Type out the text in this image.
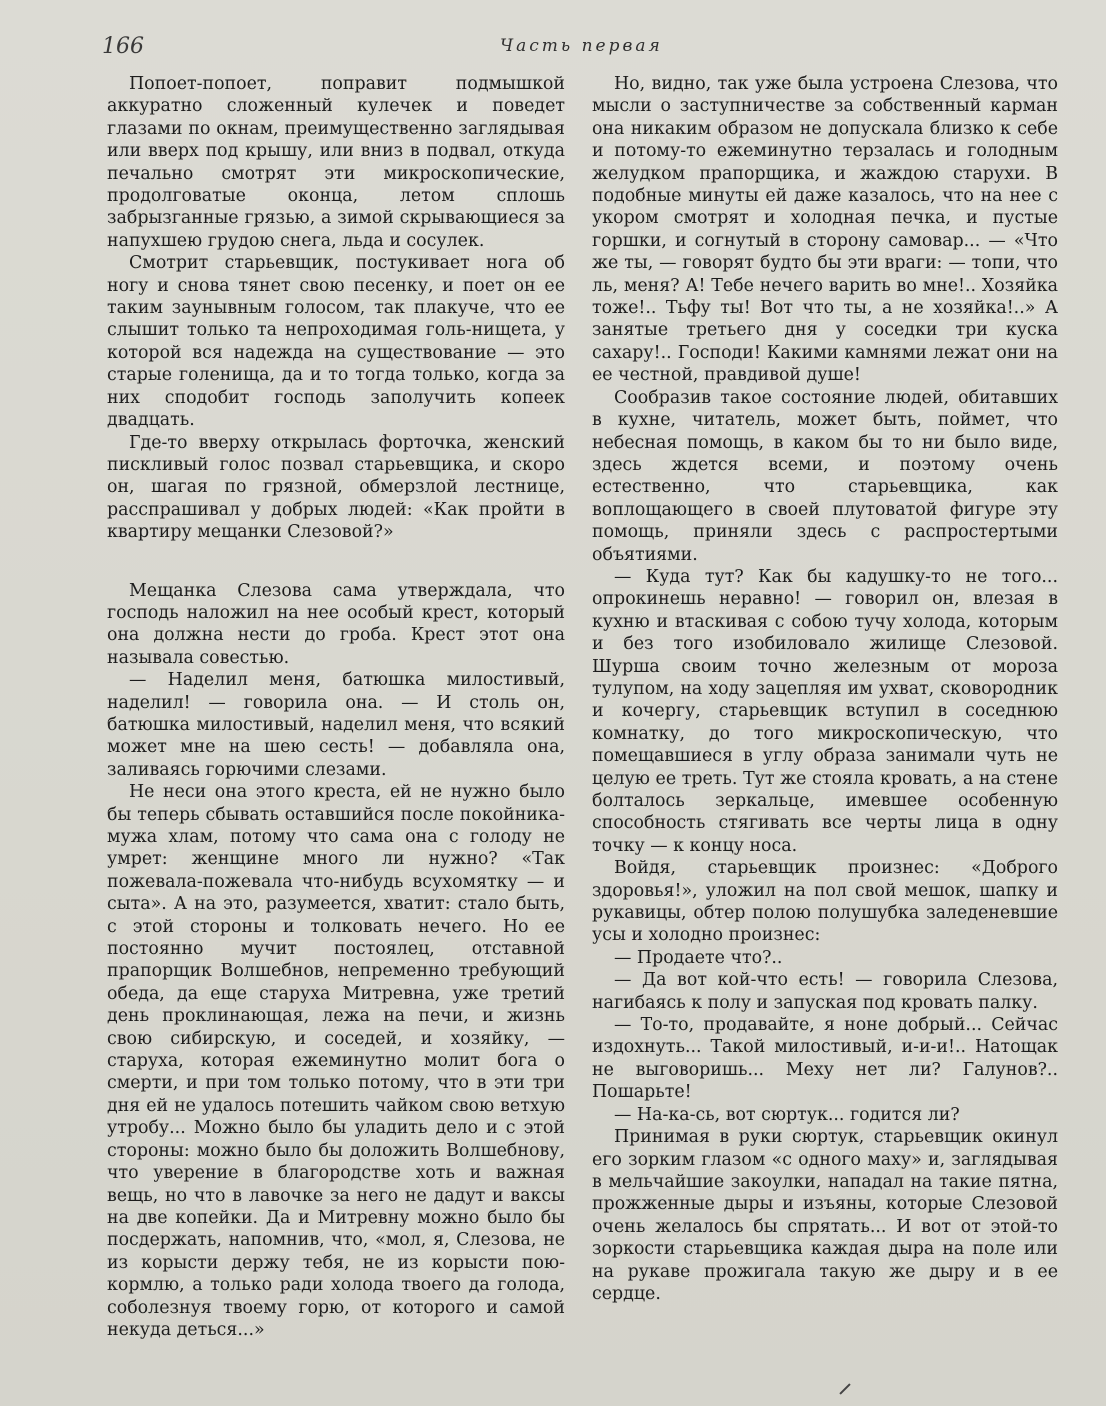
166	Часть первая

Попоет-попоет, поправит подмышкой аккуратно сложенный кулечек и поведет глазами по окнам, преимущественно заглядывая или вверх под крышу, или вниз в подвал, откуда печально смотрят эти микроскопические, продолговатые оконца, летом сплошь забрызганные грязью, а зимой скрывающиеся за напухшею грудою снега, льда и сосулек.

Смотрит старьевщик, постукивает нога об ногу и снова тянет свою песенку, и поет он ее таким заунывным голосом, так плакуче, что ее слышит только та непроходимая голь-нищета, у которой вся надежда на существование — это старые голенища, да и то тогда только, когда за них сподобит господь заполучить копеек двадцать.

Где-то вверху открылась форточка, женский пискливый голос позвал старьевщика, и скоро он, шагая по грязной, обмерзлой лестнице, расспрашивал у добрых людей: «Как пройти в квартиру мещанки Слезовой?»

Мещанка Слезова сама утверждала, что господь наложил на нее особый крест, который она должна нести до гроба. Крест этот она называла совестью.

— Наделил меня, батюшка милостивый, наделил! — говорила она. — И столь он, батюшка милостивый, наделил меня, что всякий может мне на шею сесть! — добавляла она, заливаясь горючими слезами.

Не неси она этого креста, ей не нужно было бы теперь сбывать оставшийся после покойника-мужа хлам, потому что сама она с голоду не умрет: женщине много ли нужно? «Так пожевала-пожевала что-нибудь всухомятку — и сыта». А на это, разумеется, хватит: стало быть, с этой стороны и толковать нечего. Но ее постоянно мучит постоялец, отставной прапорщик Волшебнов, непременно требующий обеда, да еще старуха Митревна, уже третий день проклинающая, лежа на печи, и жизнь свою сибирскую, и соседей, и хозяйку, — старуха, которая ежеминутно молит бога о смерти, и при том только потому, что в эти три дня ей не удалось потешить чайком свою ветхую утробу... Можно было бы уладить дело и с этой стороны: можно было бы доложить Волшебнову, что уверение в благородстве хоть и важная вещь, но что в лавочке за него не дадут и ваксы на две копейки. Да и Митревну можно было бы посдержать, напомнив, что, «мол, я, Слезова, не из корысти держу тебя, не из корысти пою-кормлю, а только ради холода твоего да голода, соболезнуя твоему горю, от которого и самой некуда деться...»

Но, видно, так уже была устроена Слезова, что мысли о заступничестве за собственный карман она никаким образом не допускала близко к себе и потому-то ежеминутно терзалась и голодным желудком прапорщика, и жаждою старухи. В подобные минуты ей даже казалось, что на нее с укором смотрят и холодная печка, и пустые горшки, и согнутый в сторону самовар... — «Что же ты, — говорят будто бы эти враги: — топи, что ль, меня? А! Тебе нечего варить во мне!.. Хозяйка тоже!.. Тьфу ты! Вот что ты, а не хозяйка!..» А занятые третьего дня у соседки три куска сахару!.. Господи! Какими камнями лежат они на ее честной, правдивой душе!

Сообразив такое состояние людей, обитавших в кухне, читатель, может быть, поймет, что небесная помощь, в каком бы то ни было виде, здесь ждется всеми, и поэтому очень естественно, что старьевщика, как воплощающего в своей плутоватой фигуре эту помощь, приняли здесь с распростертыми объятиями.

— Куда тут? Как бы кадушку-то не того... опрокинешь неравно! — говорил он, влезая в кухню и втаскивая с собою тучу холода, которым и без того изобиловало жилище Слезовой. Шурша своим точно железным от мороза тулупом, на ходу зацепляя им ухват, сковородник и кочергу, старьевщик вступил в соседнюю комнатку, до того микроскопическую, что помещавшиеся в углу образа занимали чуть не целую ее треть. Тут же стояла кровать, а на стене болталось зеркальце, имевшее особенную способность стягивать все черты лица в одну точку — к концу носа.

Войдя, старьевщик произнес: «Доброго здоровья!», уложил на пол свой мешок, шапку и рукавицы, обтер полою полушубка заледеневшие усы и холодно произнес:

— Продаете что?..

— Да вот кой-что есть! — говорила Слезова, нагибаясь к полу и запуская под кровать палку.

— То-то, продавайте, я ноне добрый... Сейчас издохнуть... Такой милостивый, и-и-и!.. Натощак не выговоришь... Меху нет ли? Галунов?.. Пошарьте!

— На-ка-сь, вот сюртук... годится ли?

Принимая в руки сюртук, старьевщик окинул его зорким глазом «с одного маху» и, заглядывая в мельчайшие закоулки, нападал на такие пятна, прожженные дыры и изъяны, которые Слезовой очень желалось бы спрятать... И вот от этой-то зоркости старьевщика каждая дыра на поле или на рукаве прожигала такую же дыру и в ее сердце.
